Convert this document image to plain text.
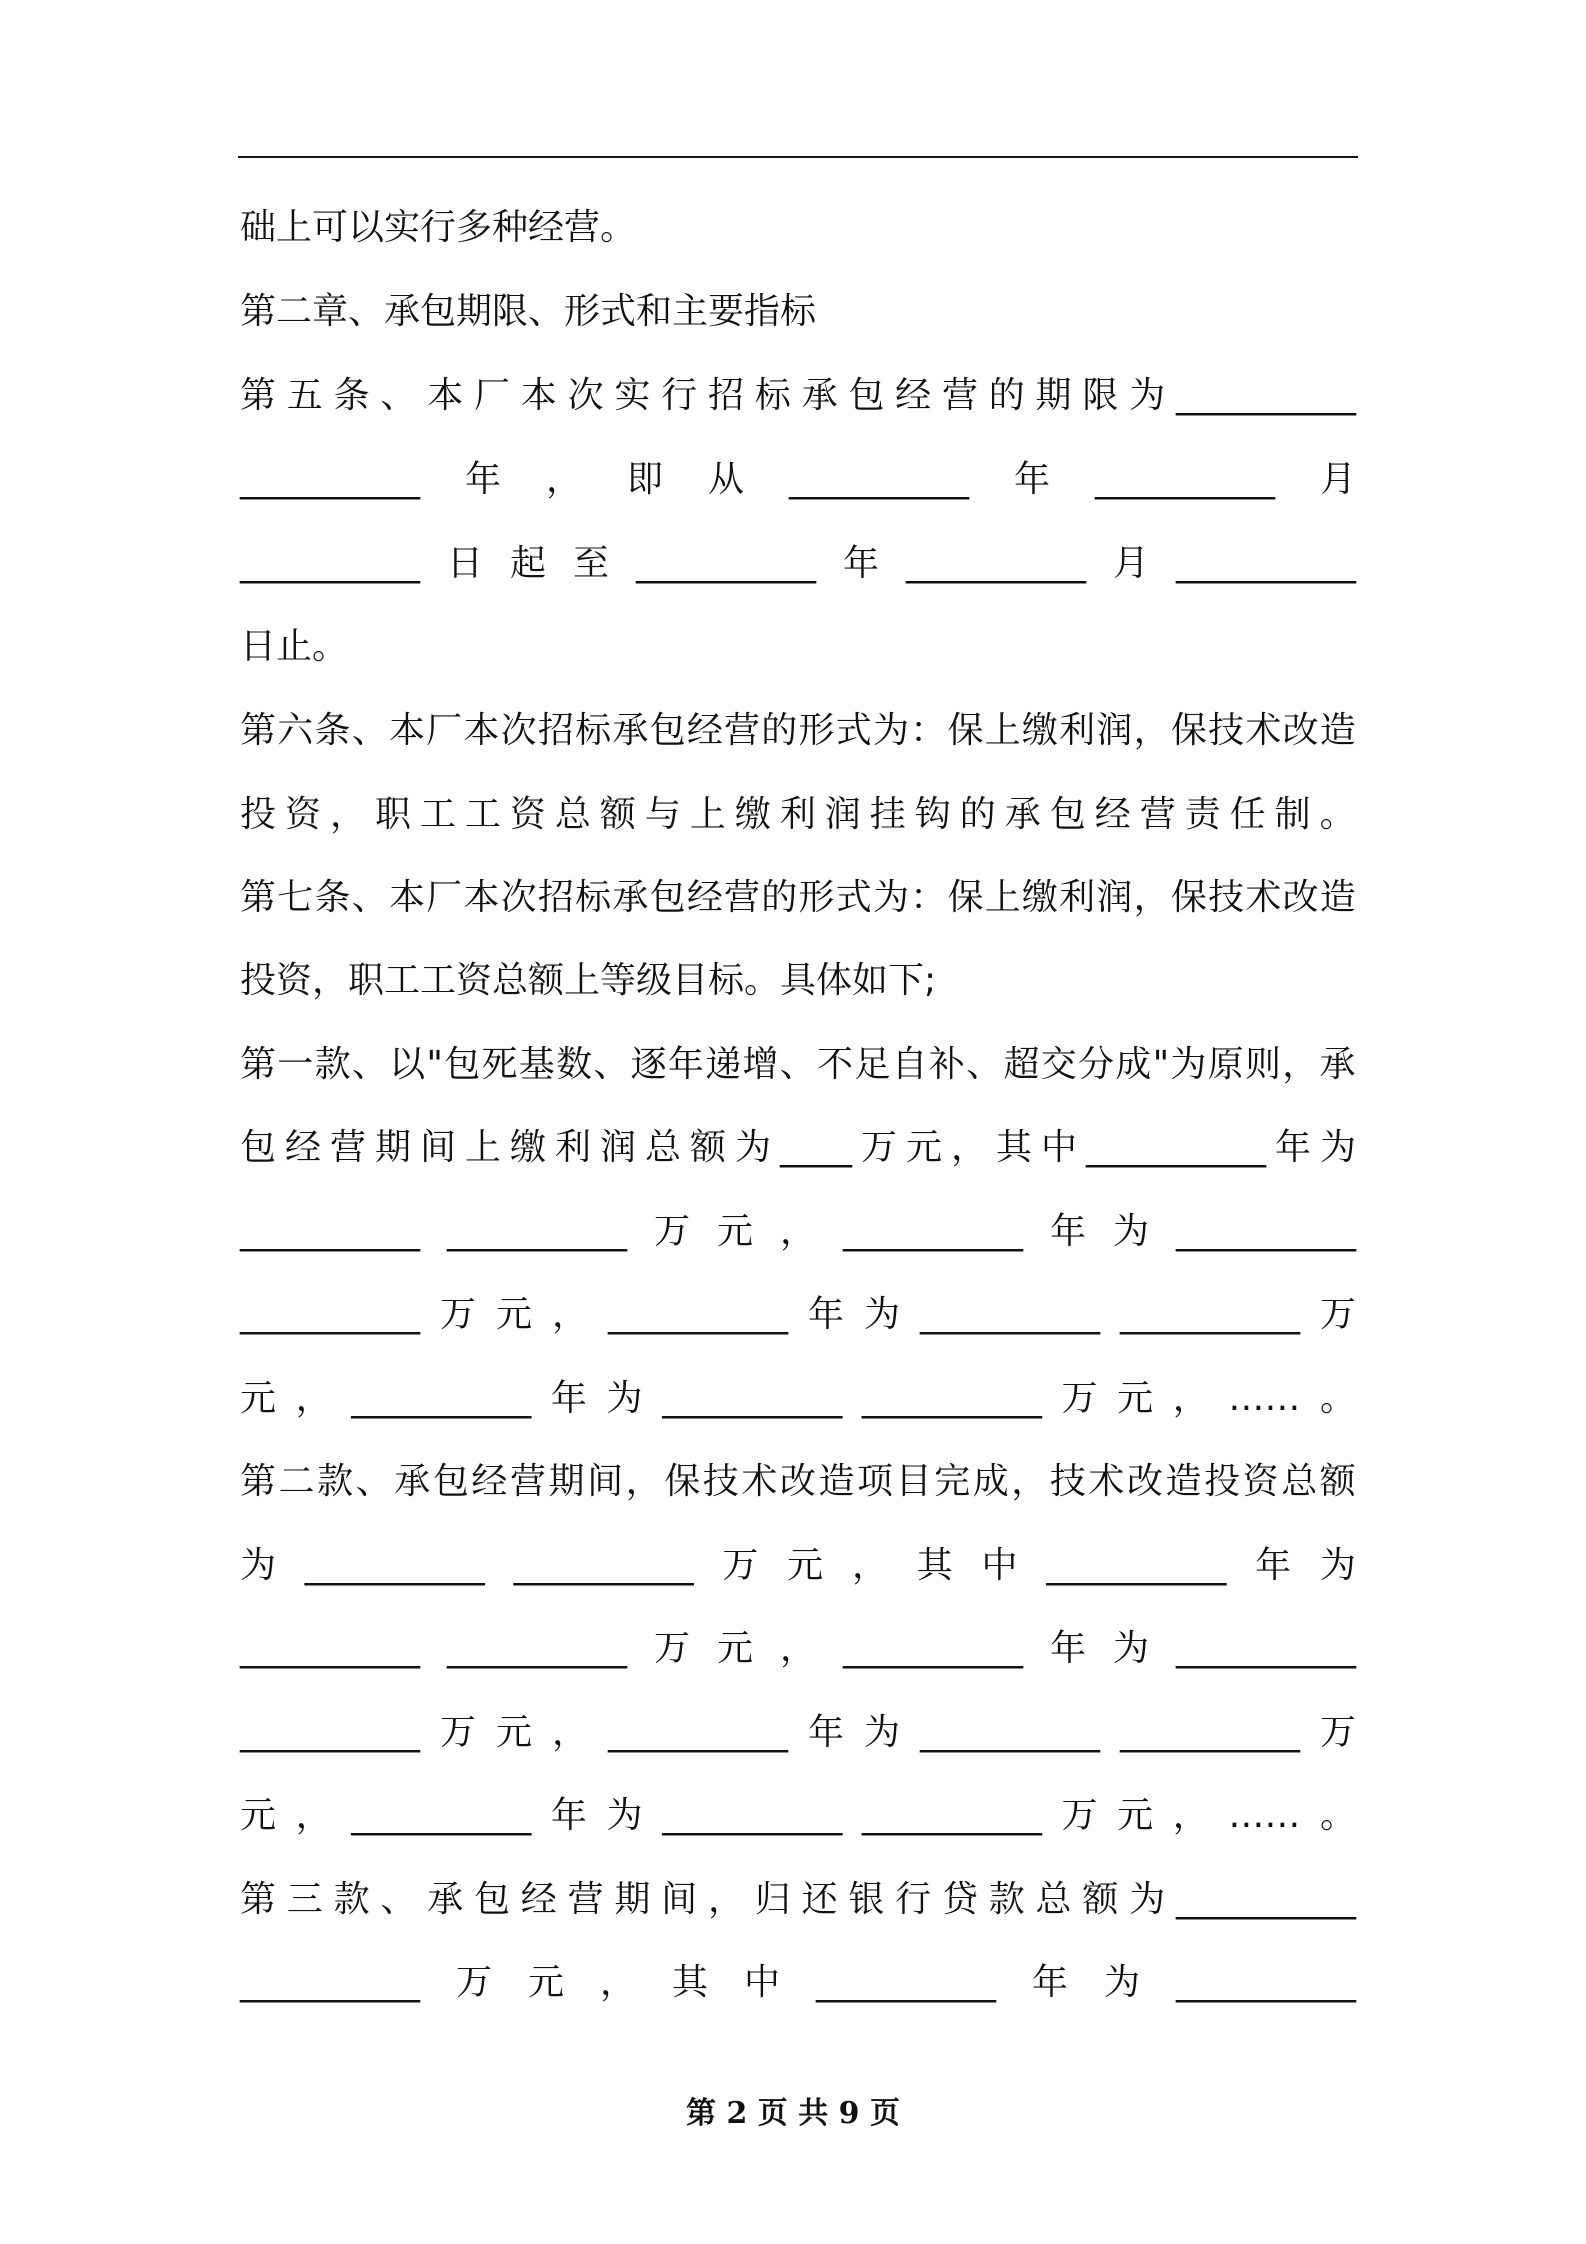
础上可以实行多种经营。
第二章、承包期限、形式和主要指标
第 五 条 、 本 厂 本 次 实 行 招 标 承 包 经 营 的 期 限 为 __________
__________ 年 ， 即 从 __________ 年 __________ 月
__________ 日 起 至 __________ 年 __________ 月 __________
日止。
第 六 条 、 本 厂 本 次 招 标 承 包 经 营 的 形 式 为 ： 保 上 缴 利 润 ， 保 技 术 改 造
投 资 ， 职 工 工 资 总 额 与 上 缴 利 润 挂 钩 的 承 包 经 营 责 任 制 。
第 七 条 、 本 厂 本 次 招 标 承 包 经 营 的 形 式 为 ： 保 上 缴 利 润 ， 保 技 术 改 造
投资，职工工资总额上等级目标。具体如下;
第 一 款 、 以 " 包 死 基 数 、 逐 年 递 增 、 不 足 自 补 、 超 交 分 成 " 为 原 则 ， 承
包 经 营 期 间 上 缴 利 润 总 额 为 ____ 万 元 ， 其 中 __________ 年 为
__________ __________ 万 元 ， __________ 年 为 __________
__________ 万 元 ， __________ 年 为 __________ __________ 万
元 ， __________ 年 为 __________ __________ 万 元 ， …… 。
第 二 款 、 承 包 经 营 期 间 ， 保 技 术 改 造 项 目 完 成 ， 技 术 改 造 投 资 总 额
为 __________ __________ 万 元 ， 其 中 __________ 年 为
__________ __________ 万 元 ， __________ 年 为 __________
__________ 万 元 ， __________ 年 为 __________ __________ 万
元 ， __________ 年 为 __________ __________ 万 元 ， …… 。
第 三 款 、 承 包 经 营 期 间 ， 归 还 银 行 贷 款 总 额 为 __________
__________ 万 元 ， 其 中 __________ 年 为 __________
第 2 页 共 9 页
